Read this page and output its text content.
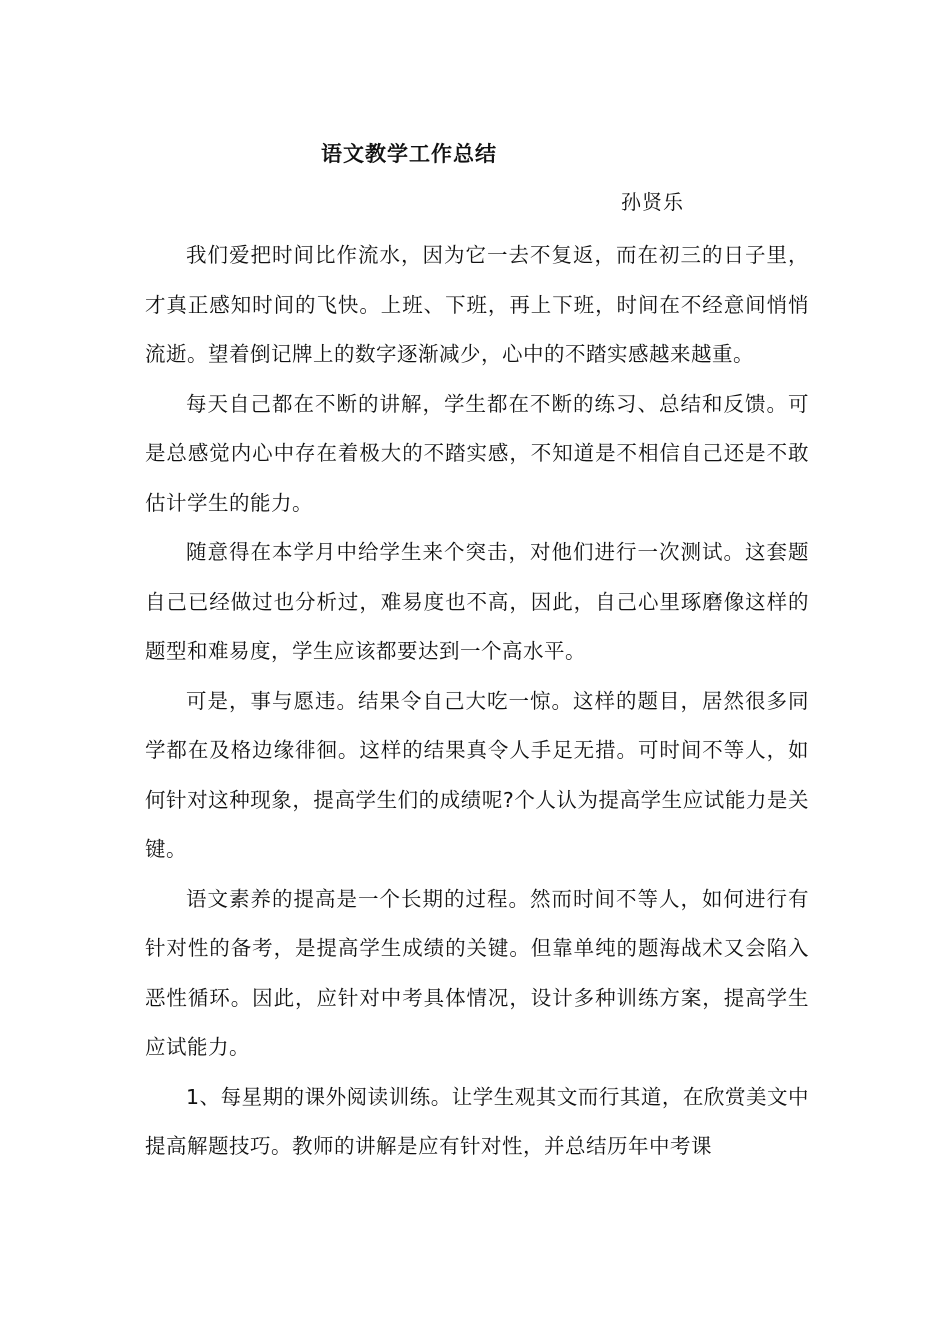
语文教学工作总结
孙贤乐

我们爱把时间比作流水，因为它一去不复返，而在初三的日子里，才真正感知时间的飞快。上班、下班，再上下班，时间在不经意间悄悄流逝。望着倒记牌上的数字逐渐减少，心中的不踏实感越来越重。

每天自己都在不断的讲解，学生都在不断的练习、总结和反馈。可是总感觉内心中存在着极大的不踏实感，不知道是不相信自己还是不敢估计学生的能力。

随意得在本学月中给学生来个突击，对他们进行一次测试。这套题自己已经做过也分析过，难易度也不高，因此，自己心里琢磨像这样的题型和难易度，学生应该都要达到一个高水平。

可是，事与愿违。结果令自己大吃一惊。这样的题目，居然很多同学都在及格边缘徘徊。这样的结果真令人手足无措。可时间不等人，如何针对这种现象，提高学生们的成绩呢?个人认为提高学生应试能力是关键。

语文素养的提高是一个长期的过程。然而时间不等人，如何进行有针对性的备考，是提高学生成绩的关键。但靠单纯的题海战术又会陷入恶性循环。因此，应针对中考具体情况，设计多种训练方案，提高学生应试能力。

1、每星期的课外阅读训练。让学生观其文而行其道，在欣赏美文中提高解题技巧。教师的讲解是应有针对性，并总结历年中考课
